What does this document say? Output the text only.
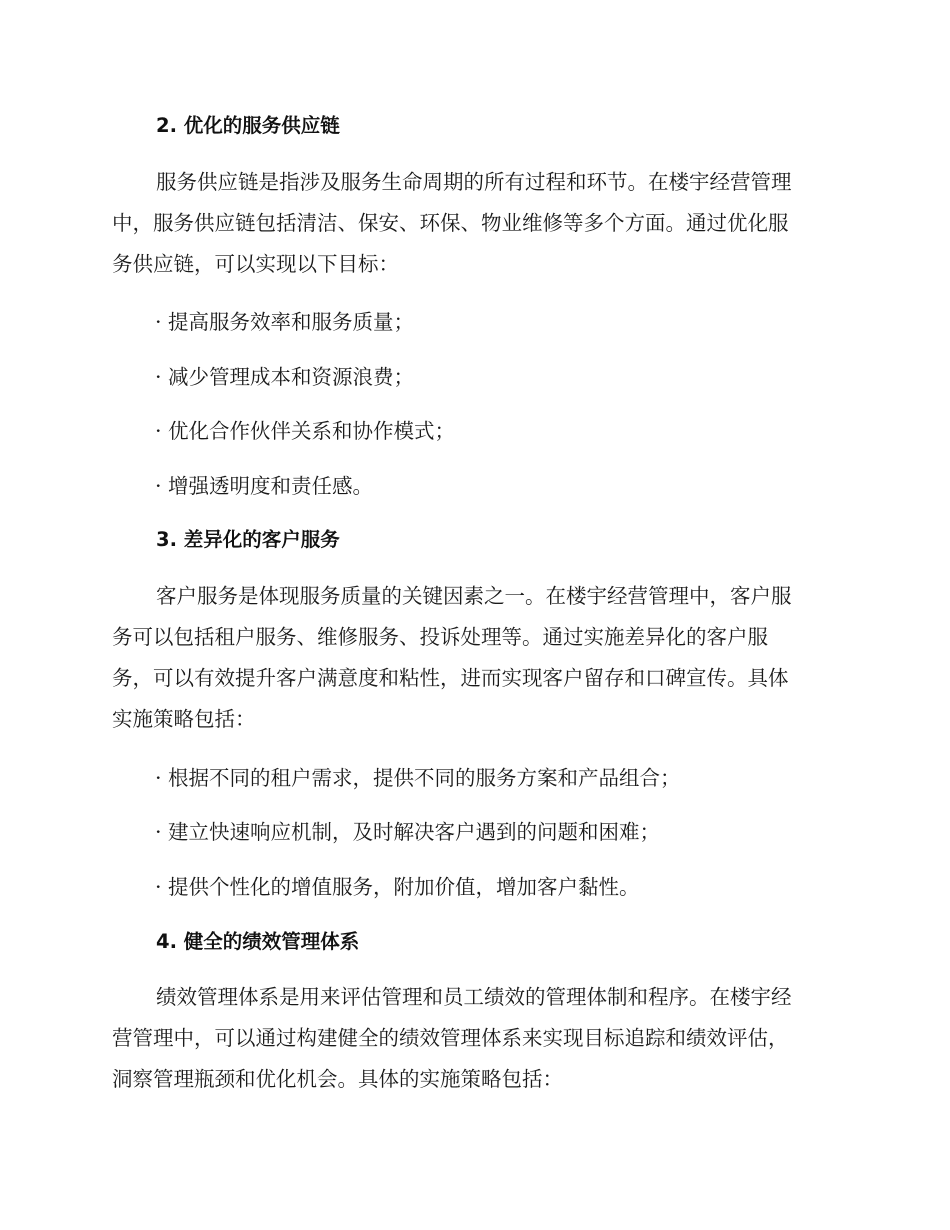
2. 优化的服务供应链

服务供应链是指涉及服务生命周期的所有过程和环节。在楼宇经营管理
中，服务供应链包括清洁、保安、环保、物业维修等多个方面。通过优化服
务供应链，可以实现以下目标：

· 提高服务效率和服务质量；

· 减少管理成本和资源浪费；

· 优化合作伙伴关系和协作模式；

· 增强透明度和责任感。

3. 差异化的客户服务

客户服务是体现服务质量的关键因素之一。在楼宇经营管理中，客户服
务可以包括租户服务、维修服务、投诉处理等。通过实施差异化的客户服
务，可以有效提升客户满意度和粘性，进而实现客户留存和口碑宣传。具体
实施策略包括：

· 根据不同的租户需求，提供不同的服务方案和产品组合；

· 建立快速响应机制，及时解决客户遇到的问题和困难；

· 提供个性化的增值服务，附加价值，增加客户黏性。

4. 健全的绩效管理体系

绩效管理体系是用来评估管理和员工绩效的管理体制和程序。在楼宇经
营管理中，可以通过构建健全的绩效管理体系来实现目标追踪和绩效评估，
洞察管理瓶颈和优化机会。具体的实施策略包括：
